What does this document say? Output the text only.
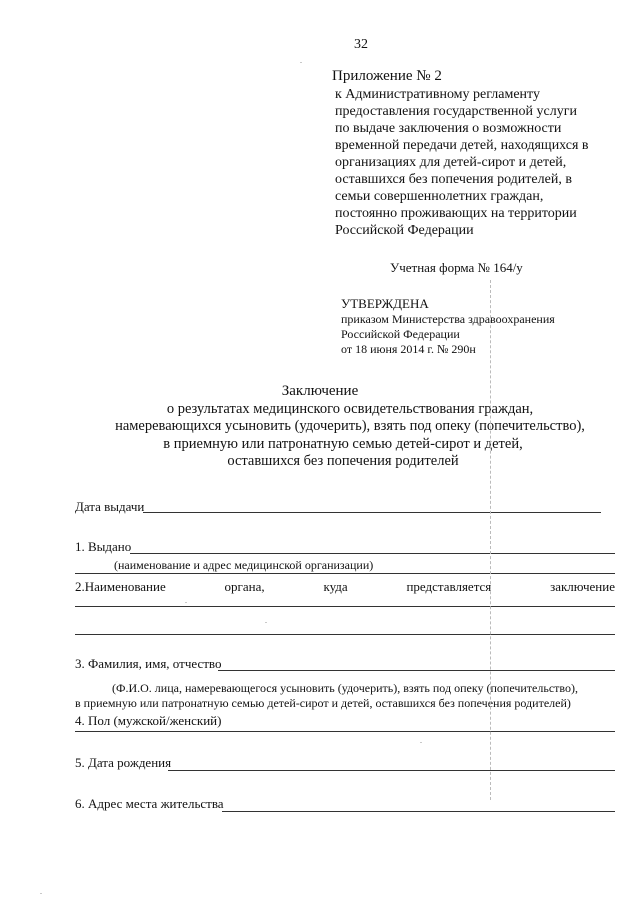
32
Приложение № 2
к Административному регламенту
предоставления государственной услуги
по выдаче заключения о возможности
временной передачи детей, находящихся в
организациях для детей-сирот и детей,
оставшихся без попечения родителей, в
семьи совершеннолетних граждан,
постоянно проживающих на территории
Российской Федерации
Учетная форма № 164/у
УТВЕРЖДЕНА
приказом Министерства здравоохранения
Российской Федерации
от 18 июня 2014 г. № 290н
Заключение
о результатах медицинского освидетельствования граждан,
намеревающихся усыновить (удочерить), взять под опеку (попечительство),
в приемную или патронатную семью детей-сирот и детей,
оставшихся без попечения родителей
Дата выдачи
1. Выдано
(наименование и адрес медицинской организации)
2.Наименование	органа,	куда	представляется	заключение
3. Фамилия, имя, отчество
(Ф.И.О. лица, намеревающегося усыновить (удочерить), взять под опеку (попечительство),
в приемную или патронатную семью детей-сирот и детей, оставшихся без попечения родителей)
4. Пол (мужской/женский)
5. Дата рождения
6. Адрес места жительства
